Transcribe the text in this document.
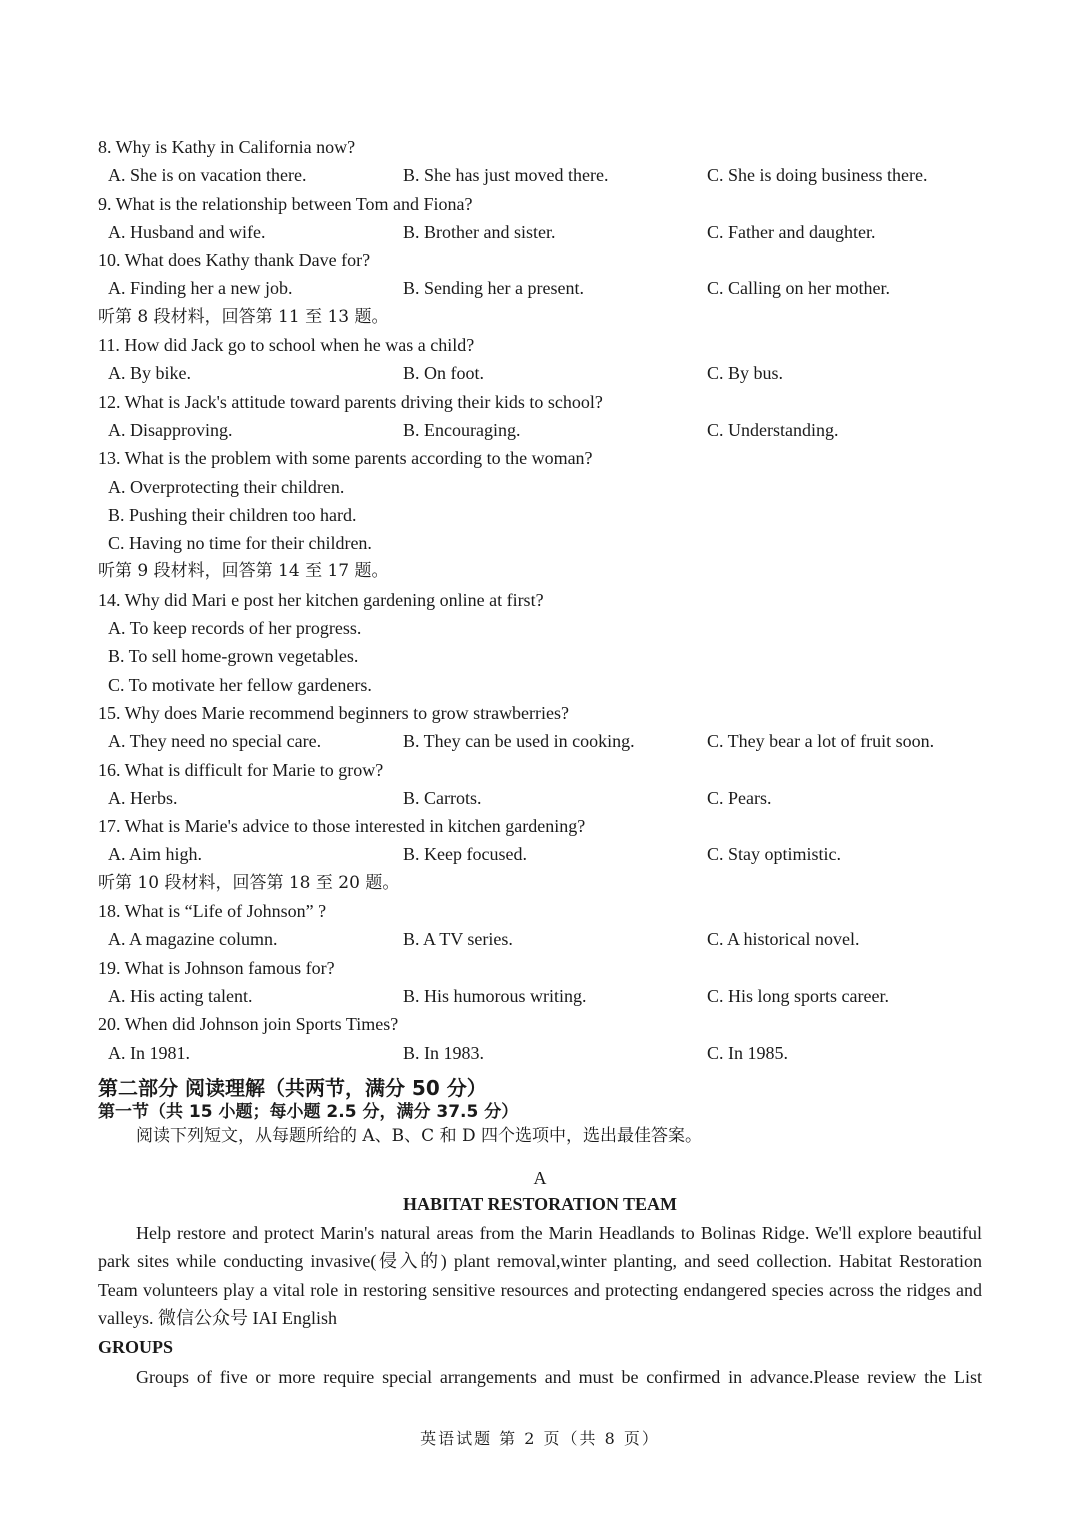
8. Why is Kathy in California now?
A. She is on vacation there.	B. She has just moved there.	C. She is doing business there.
9. What is the relationship between Tom and Fiona?
A. Husband and wife.	B. Brother and sister.	C. Father and daughter.
10. What does Kathy thank Dave for?
A. Finding her a new job.	B. Sending her a present.	C. Calling on her mother.
听第 8 段材料，回答第 11 至 13 题。
11. How did Jack go to school when he was a child?
A. By bike.	B. On foot.	C. By bus.
12. What is Jack's attitude toward parents driving their kids to school?
A. Disapproving.	B. Encouraging.	C. Understanding.
13. What is the problem with some parents according to the woman?
A. Overprotecting their children.
B. Pushing their children too hard.
C. Having no time for their children.
听第 9 段材料，回答第 14 至 17 题。
14. Why did Mari e post her kitchen gardening online at first?
A. To keep records of her progress.
B. To sell home-grown vegetables.
C. To motivate her fellow gardeners.
15. Why does Marie recommend beginners to grow strawberries?
A. They need no special care.	B. They can be used in cooking.	C. They bear a lot of fruit soon.
16. What is difficult for Marie to grow?
A. Herbs.	B. Carrots.	C. Pears.
17. What is Marie's advice to those interested in kitchen gardening?
A. Aim high.	B. Keep focused.	C. Stay optimistic.
听第 10 段材料，回答第 18 至 20 题。
18. What is “Life of Johnson” ?
A. A magazine column.	B. A TV series.	C. A historical novel.
19. What is Johnson famous for?
A. His acting talent.	B. His humorous writing.	C. His long sports career.
20. When did Johnson join Sports Times?
A. In 1981.	B. In 1983.	C. In 1985.
第二部分 阅读理解（共两节，满分 50 分）
第一节（共 15 小题；每小题 2.5 分，满分 37.5 分）
阅读下列短文，从每题所给的 A、B、C 和 D 四个选项中，选出最佳答案。
A
HABITAT RESTORATION TEAM

Help restore and protect Marin's natural areas from the Marin Headlands to Bolinas Ridge. We'll explore beautiful park sites while conducting invasive(侵入的) plant removal,winter planting, and seed collection. Habitat Restoration Team volunteers play a vital role in restoring sensitive resources and protecting endangered species across the ridges and valleys. 微信公众号 IAI English

GROUPS

Groups of five or more require special arrangements and must be confirmed in advance.Please review the List

英语试题 第 2 页（共 8 页）
